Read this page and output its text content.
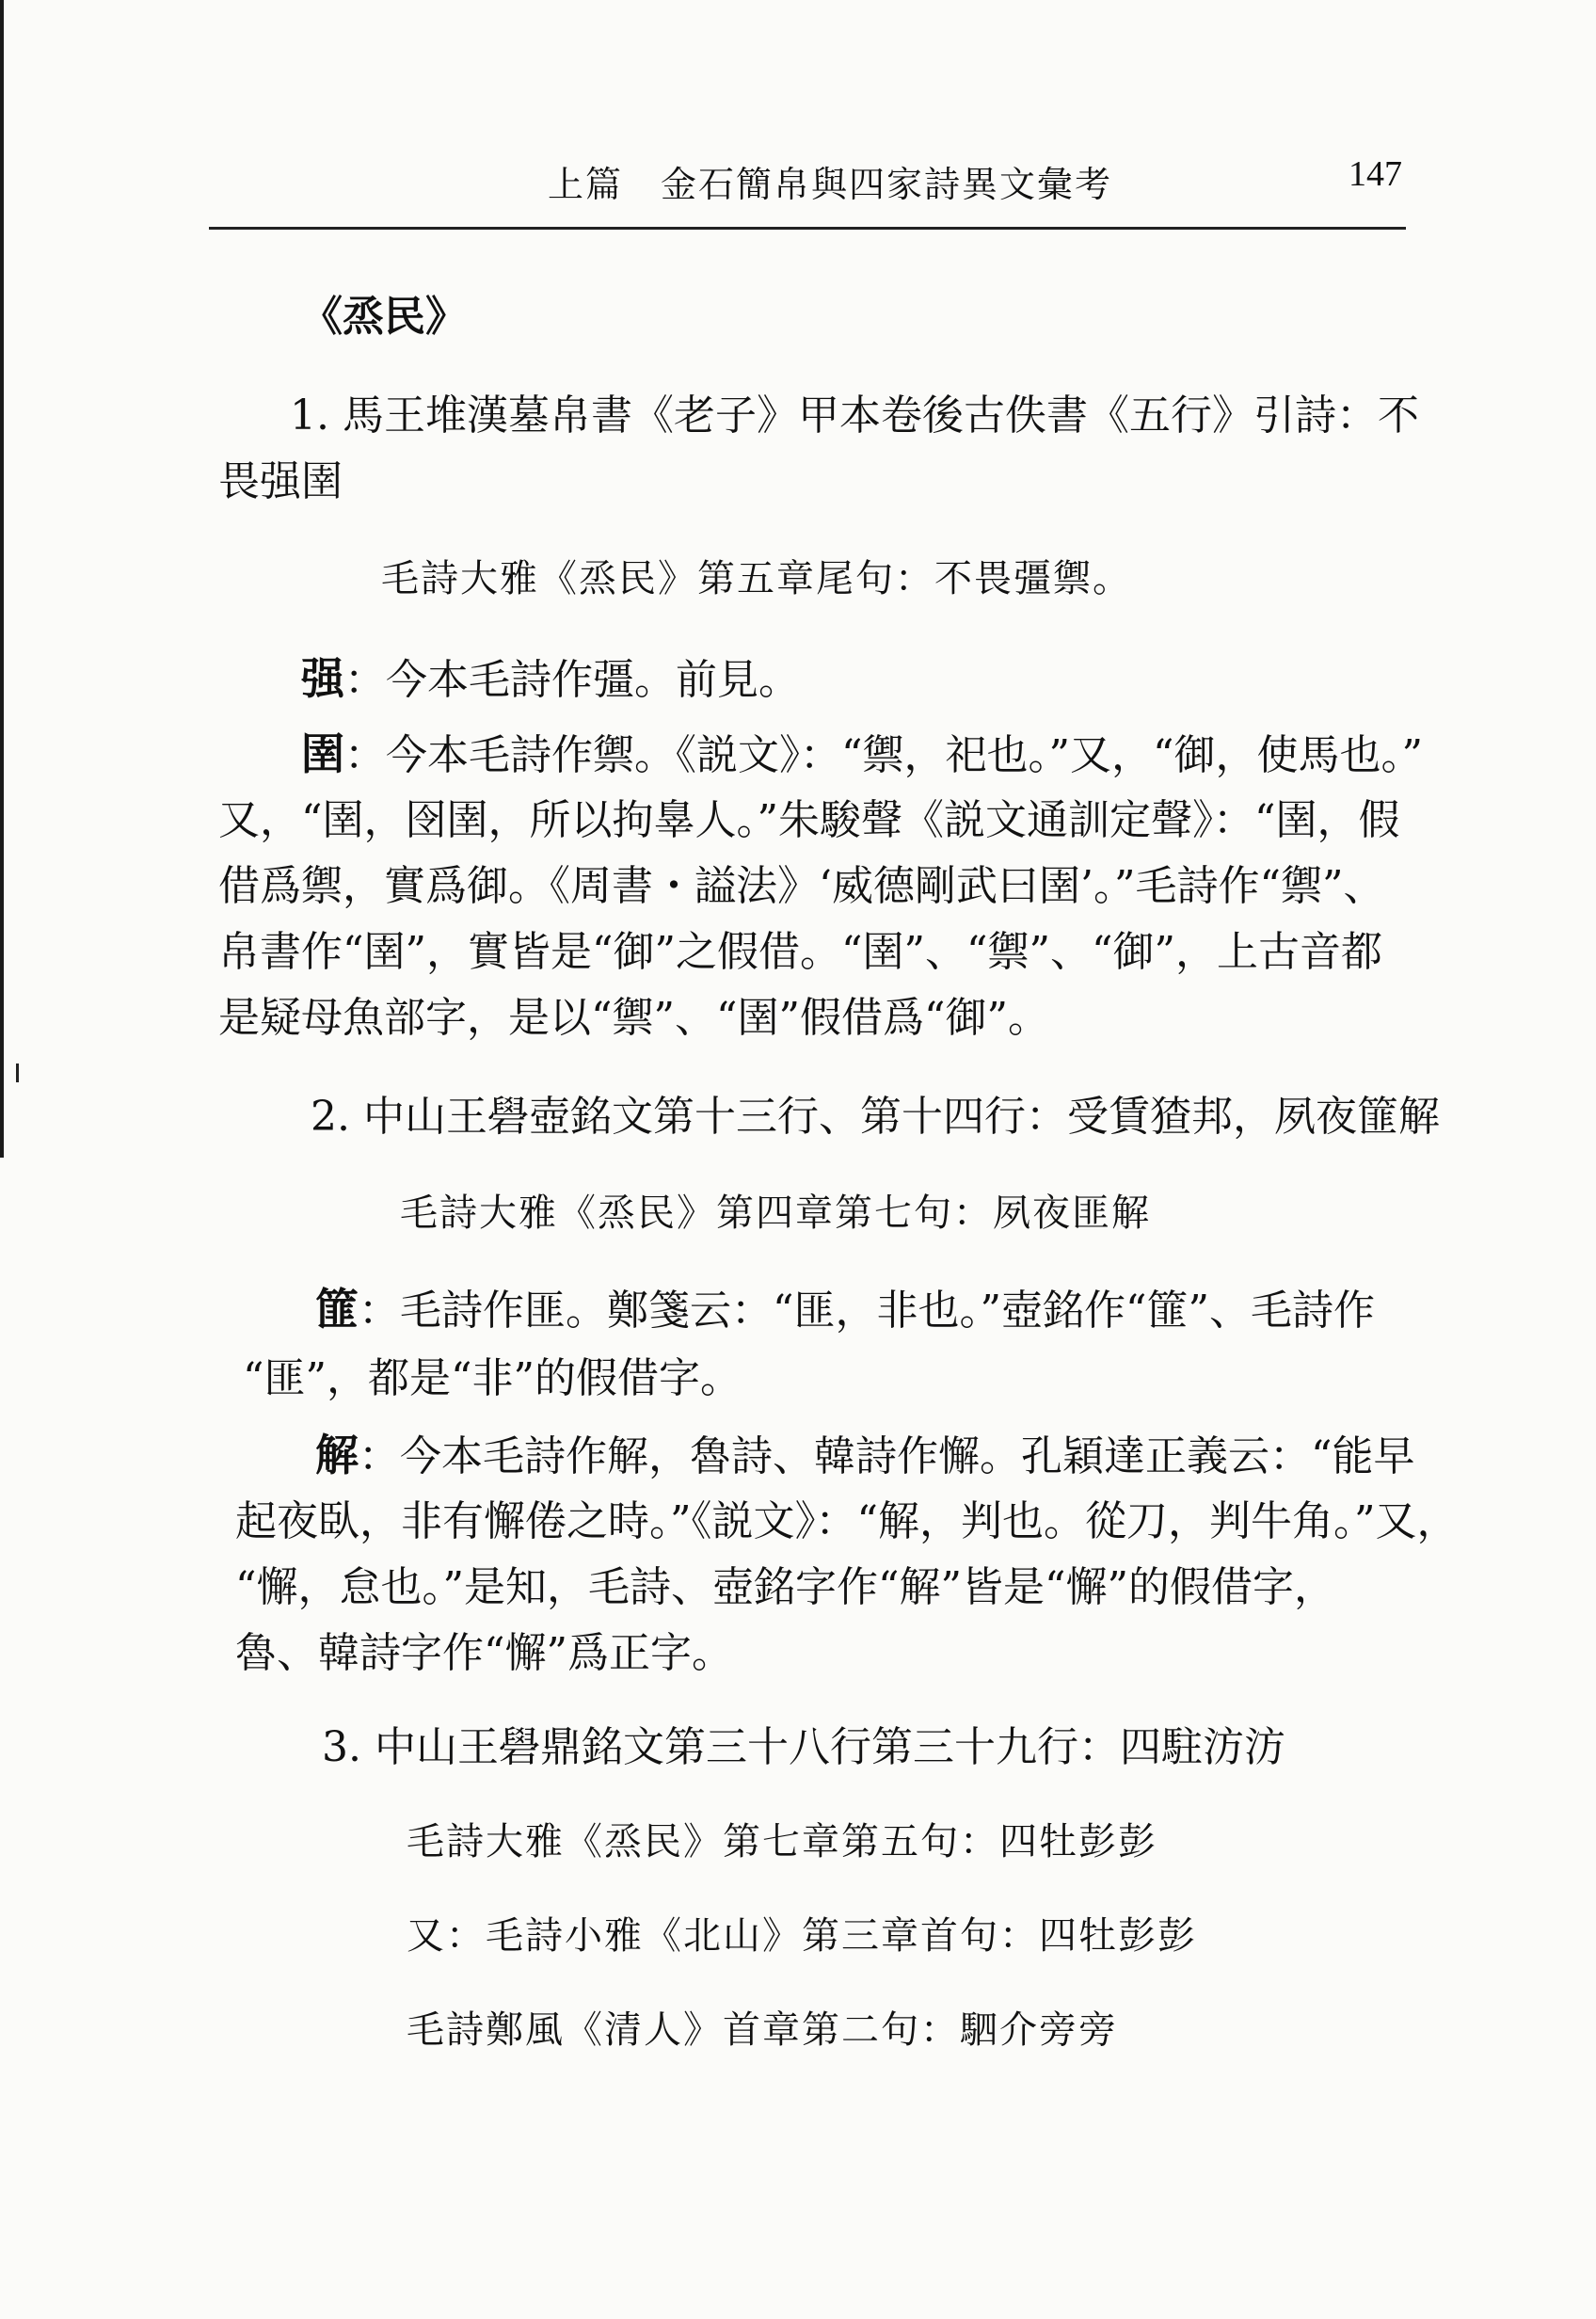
上篇　金石簡帛與四家詩異文彙考	147
《烝民》
1. 馬王堆漢墓帛書《老子》甲本卷後古佚書《五行》引詩：不
畏强圉
毛詩大雅《烝民》第五章尾句：不畏彊禦。
强：今本毛詩作彊。前見。
圉：今本毛詩作禦。《説文》：“禦，祀也。”又，“御，使馬也。”
又，“圉，囹圉，所以拘辠人。”朱駿聲《説文通訓定聲》：“圉，假
借爲禦，實爲御。《周書・謚法》‘威德剛武曰圉’。”毛詩作“禦”、
帛書作“圉”，實皆是“御”之假借。“圉”、“禦”、“御”，上古音都
是疑母魚部字，是以“禦”、“圉”假借爲“御”。
2. 中山王礐壺銘文第十三行、第十四行：受賃猹邦，夙夜篚解
毛詩大雅《烝民》第四章第七句：夙夜匪解
篚：毛詩作匪。鄭箋云：“匪，非也。”壺銘作“篚”、毛詩作
“匪”，都是“非”的假借字。
解：今本毛詩作解，魯詩、韓詩作懈。孔穎達正義云：“能早
起夜臥，非有懈倦之時。”《説文》：“解，判也。從刀，判牛角。”又，
“懈，怠也。”是知，毛詩、壺銘字作“解”皆是“懈”的假借字，
魯、韓詩字作“懈”爲正字。
3. 中山王礐鼎銘文第三十八行第三十九行：四駐汸汸
毛詩大雅《烝民》第七章第五句：四牡彭彭
又：毛詩小雅《北山》第三章首句：四牡彭彭
毛詩鄭風《清人》首章第二句：駟介旁旁
